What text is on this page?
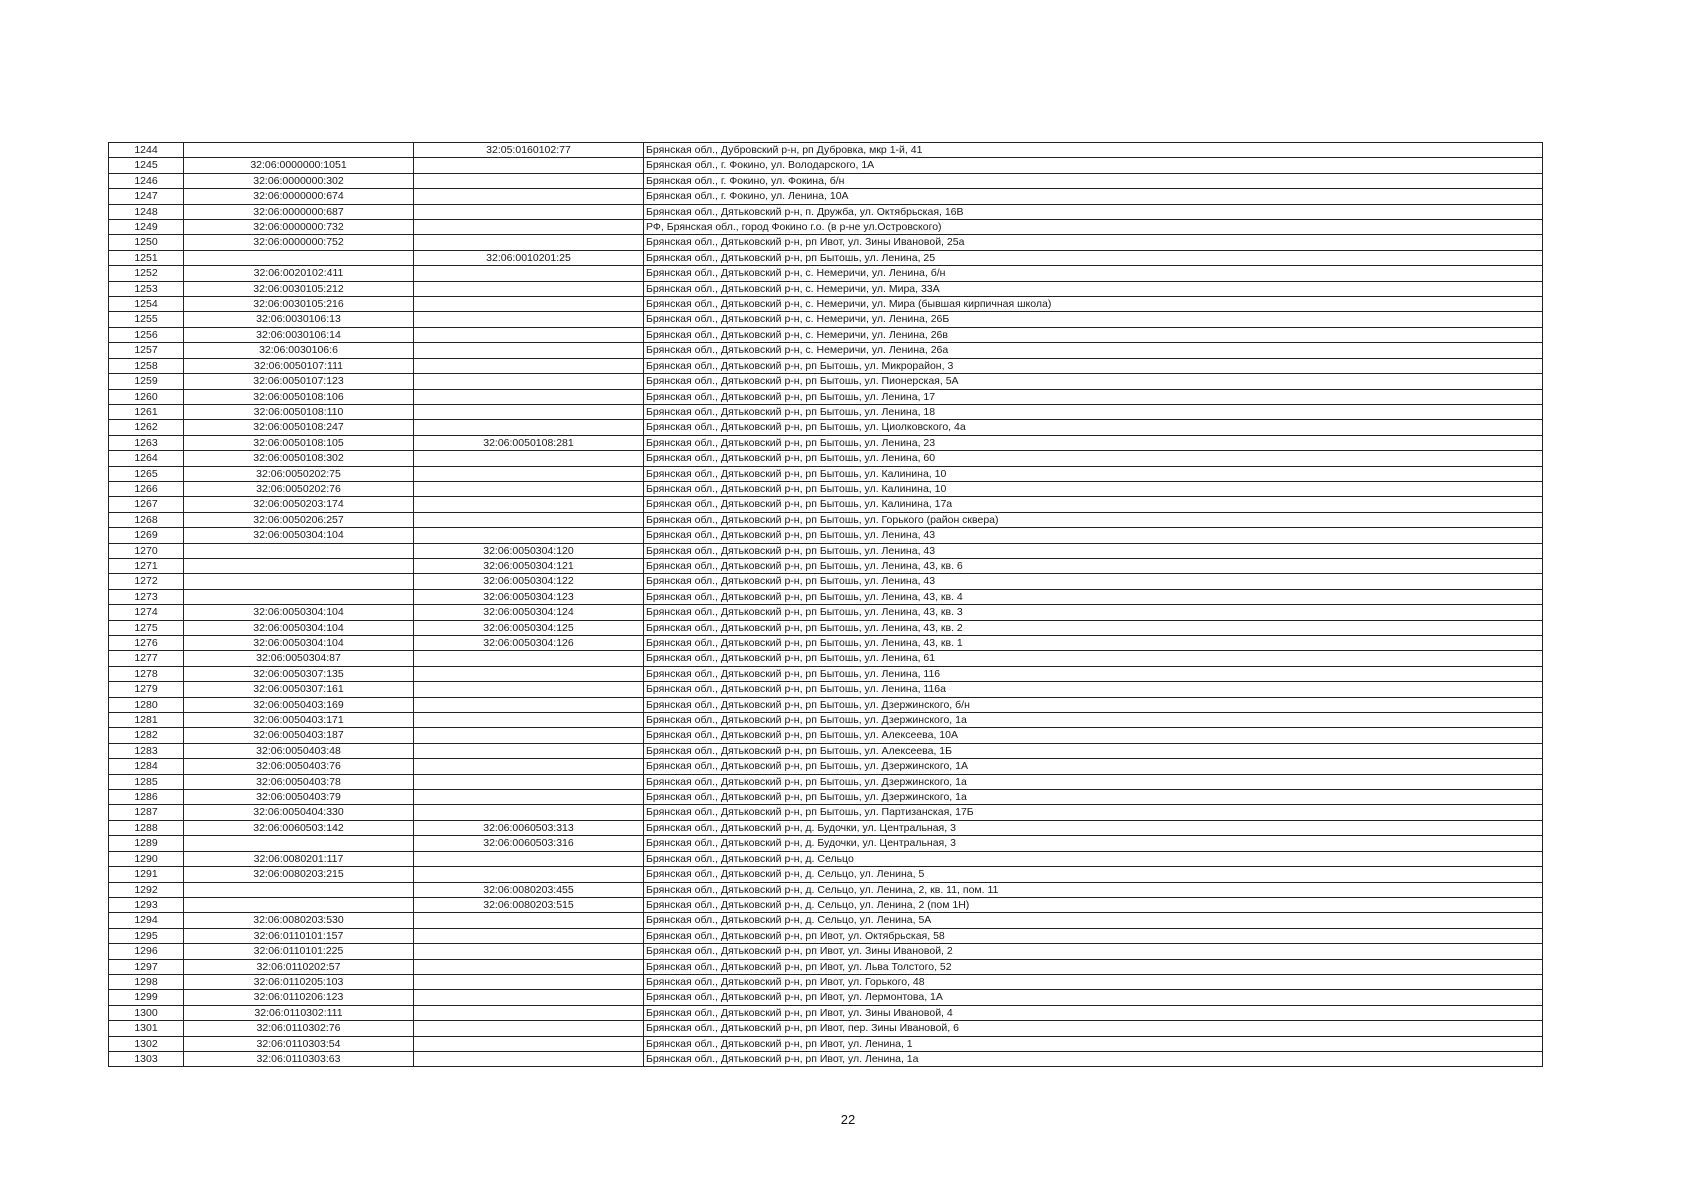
1244		32:05:0160102:77	Брянская обл., Дубровский р-н, рп Дубровка, мкр 1-й, 41
1245	32:06:0000000:1051		Брянская обл., г. Фокино, ул. Володарского, 1А
1246	32:06:0000000:302		Брянская обл., г. Фокино, ул. Фокина, б/н
1247	32:06:0000000:674		Брянская обл., г. Фокино, ул. Ленина, 10А
1248	32:06:0000000:687		Брянская обл., Дятьковский р-н, п. Дружба, ул. Октябрьская, 16В
1249	32:06:0000000:732		РФ, Брянская обл., город Фокино г.о. (в р-не ул.Островского)
1250	32:06:0000000:752		Брянская обл., Дятьковский р-н, рп Ивот, ул. Зины Ивановой, 25а
1251		32:06:0010201:25	Брянская обл., Дятьковский р-н, рп Бытошь, ул. Ленина, 25
1252	32:06:0020102:411		Брянская обл., Дятьковский р-н, с. Немеричи, ул. Ленина, б/н
1253	32:06:0030105:212		Брянская обл., Дятьковский р-н, с. Немеричи, ул. Мира, 33А
1254	32:06:0030105:216		Брянская обл., Дятьковский р-н, с. Немеричи, ул. Мира (бывшая кирпичная школа)
1255	32:06:0030106:13		Брянская обл., Дятьковский р-н, с. Немеричи, ул. Ленина, 26Б
1256	32:06:0030106:14		Брянская обл., Дятьковский р-н, с. Немеричи, ул. Ленина, 26в
1257	32:06:0030106:6		Брянская обл., Дятьковский р-н, с. Немеричи, ул. Ленина, 26а
1258	32:06:0050107:111		Брянская обл., Дятьковский р-н, рп Бытошь, ул. Микрорайон, 3
1259	32:06:0050107:123		Брянская обл., Дятьковский р-н, рп Бытошь, ул. Пионерская, 5А
1260	32:06:0050108:106		Брянская обл., Дятьковский р-н, рп Бытошь, ул. Ленина, 17
1261	32:06:0050108:110		Брянская обл., Дятьковский р-н, рп Бытошь, ул. Ленина, 18
1262	32:06:0050108:247		Брянская обл., Дятьковский р-н, рп Бытошь, ул. Циолковского, 4а
1263	32:06:0050108:105	32:06:0050108:281	Брянская обл., Дятьковский р-н, рп Бытошь, ул. Ленина, 23
1264	32:06:0050108:302		Брянская обл., Дятьковский р-н, рп Бытошь, ул. Ленина, 60
1265	32:06:0050202:75		Брянская обл., Дятьковский р-н, рп Бытошь, ул. Калинина, 10
1266	32:06:0050202:76		Брянская обл., Дятьковский р-н, рп Бытошь, ул. Калинина, 10
1267	32:06:0050203:174		Брянская обл., Дятьковский р-н, рп Бытошь, ул. Калинина, 17а
1268	32:06:0050206:257		Брянская обл., Дятьковский р-н, рп Бытошь, ул. Горького (район сквера)
1269	32:06:0050304:104		Брянская обл., Дятьковский р-н, рп Бытошь, ул. Ленина, 43
1270		32:06:0050304:120	Брянская обл., Дятьковский р-н, рп Бытошь, ул. Ленина, 43
1271		32:06:0050304:121	Брянская обл., Дятьковский р-н, рп Бытошь, ул. Ленина, 43, кв. 6
1272		32:06:0050304:122	Брянская обл., Дятьковский р-н, рп Бытошь, ул. Ленина, 43
1273		32:06:0050304:123	Брянская обл., Дятьковский р-н, рп Бытошь, ул. Ленина, 43, кв. 4
1274	32:06:0050304:104	32:06:0050304:124	Брянская обл., Дятьковский р-н, рп Бытошь, ул. Ленина, 43, кв. 3
1275	32:06:0050304:104	32:06:0050304:125	Брянская обл., Дятьковский р-н, рп Бытошь, ул. Ленина, 43, кв. 2
1276	32:06:0050304:104	32:06:0050304:126	Брянская обл., Дятьковский р-н, рп Бытошь, ул. Ленина, 43, кв. 1
1277	32:06:0050304:87		Брянская обл., Дятьковский р-н, рп Бытошь, ул. Ленина, 61
1278	32:06:0050307:135		Брянская обл., Дятьковский р-н, рп Бытошь, ул. Ленина, 116
1279	32:06:0050307:161		Брянская обл., Дятьковский р-н, рп Бытошь, ул. Ленина, 116а
1280	32:06:0050403:169		Брянская обл., Дятьковский р-н, рп Бытошь, ул. Дзержинского, б/н
1281	32:06:0050403:171		Брянская обл., Дятьковский р-н, рп Бытошь, ул. Дзержинского, 1а
1282	32:06:0050403:187		Брянская обл., Дятьковский р-н, рп Бытошь, ул. Алексеева, 10А
1283	32:06:0050403:48		Брянская обл., Дятьковский р-н, рп Бытошь, ул. Алексеева, 1Б
1284	32:06:0050403:76		Брянская обл., Дятьковский р-н, рп Бытошь, ул. Дзержинского, 1А
1285	32:06:0050403:78		Брянская обл., Дятьковский р-н, рп Бытошь, ул. Дзержинского, 1а
1286	32:06:0050403:79		Брянская обл., Дятьковский р-н, рп Бытошь, ул. Дзержинского, 1а
1287	32:06:0050404:330		Брянская обл., Дятьковский р-н, рп Бытошь, ул. Партизанская, 17Б
1288	32:06:0060503:142	32:06:0060503:313	Брянская обл., Дятьковский р-н, д. Будочки, ул. Центральная, 3
1289		32:06:0060503:316	Брянская обл., Дятьковский р-н, д. Будочки, ул. Центральная, 3
1290	32:06:0080201:117		Брянская обл., Дятьковский р-н, д. Сельцо
1291	32:06:0080203:215		Брянская обл., Дятьковский р-н, д. Сельцо, ул. Ленина, 5
1292		32:06:0080203:455	Брянская обл., Дятьковский р-н, д. Сельцо, ул. Ленина, 2, кв. 11, пом. 11
1293		32:06:0080203:515	Брянская обл., Дятьковский р-н, д. Сельцо, ул. Ленина, 2 (пом 1Н)
1294	32:06:0080203:530		Брянская обл., Дятьковский р-н, д. Сельцо, ул. Ленина, 5А
1295	32:06:0110101:157		Брянская обл., Дятьковский р-н, рп Ивот, ул. Октябрьская, 58
1296	32:06:0110101:225		Брянская обл., Дятьковский р-н, рп Ивот, ул. Зины Ивановой, 2
1297	32:06:0110202:57		Брянская обл., Дятьковский р-н, рп Ивот, ул. Льва Толстого, 52
1298	32:06:0110205:103		Брянская обл., Дятьковский р-н, рп Ивот, ул. Горького, 48
1299	32:06:0110206:123		Брянская обл., Дятьковский р-н, рп Ивот, ул. Лермонтова, 1А
1300	32:06:0110302:111		Брянская обл., Дятьковский р-н, рп Ивот, ул. Зины Ивановой, 4
1301	32:06:0110302:76		Брянская обл., Дятьковский р-н, рп Ивот, пер. Зины Ивановой, 6
1302	32:06:0110303:54		Брянская обл., Дятьковский р-н, рп Ивот, ул. Ленина, 1
1303	32:06:0110303:63		Брянская обл., Дятьковский р-н, рп Ивот, ул. Ленина, 1а
22
